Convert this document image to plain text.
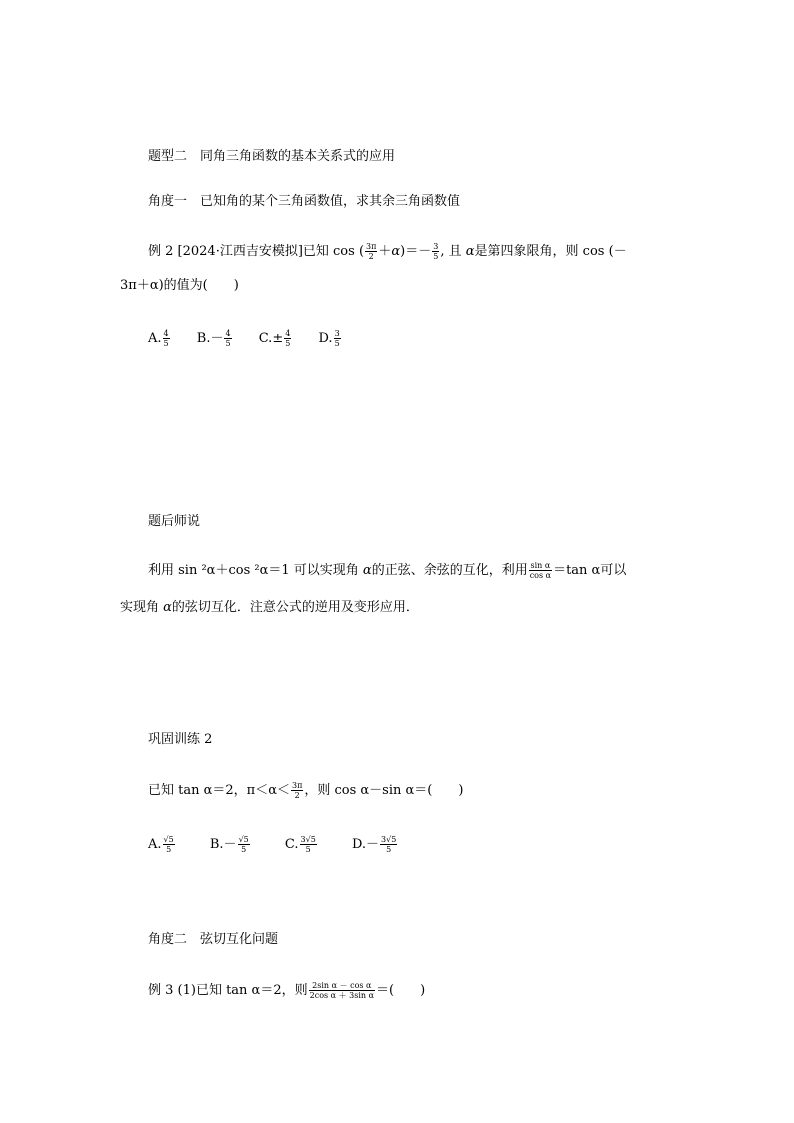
题型二　同角三角函数的基本关系式的应用
角度一　已知角的某个三角函数值，求其余三角函数值
例 2 [2024·江西吉安模拟]已知 cos ( $\frac{3\pi}{2} +\alpha)=- \frac{3}{5}$ , 且 α是第四象限角，则 cos (－
3π＋α)的值为(　　)
A. $\frac{4}{5} B.- \frac{4}{5} C.\pm \frac{4}{5} D$. $\frac{3}{5}$
题后师说
利用 sin ²α＋cos ²α＝1 可以实现角 α的正弦、余弦的互化，利用 $\frac{\text{sin α}}{\text{cos α}} =\tan$ α可以
实现角 α的弦切互化．注意公式的逆用及变形应用．
巩固训练 2
已知 tan α＝2，$\pi<\alpha< \frac{3\pi}{2}$ ，则 cos α－sin α＝(　　)
A. $\frac{√5}{5}$	$B.- \frac{√5}{5}$	C. $\frac{3√5}{5}$	$D.- \frac{3√5}{5}$
角度二　弦切互化问题
例 3 (1)已知 tan α＝2，则 $\frac{\text{2sin α － cos α}}{\text{2cos α ＋ 3sin α}}$ ＝(　　)
